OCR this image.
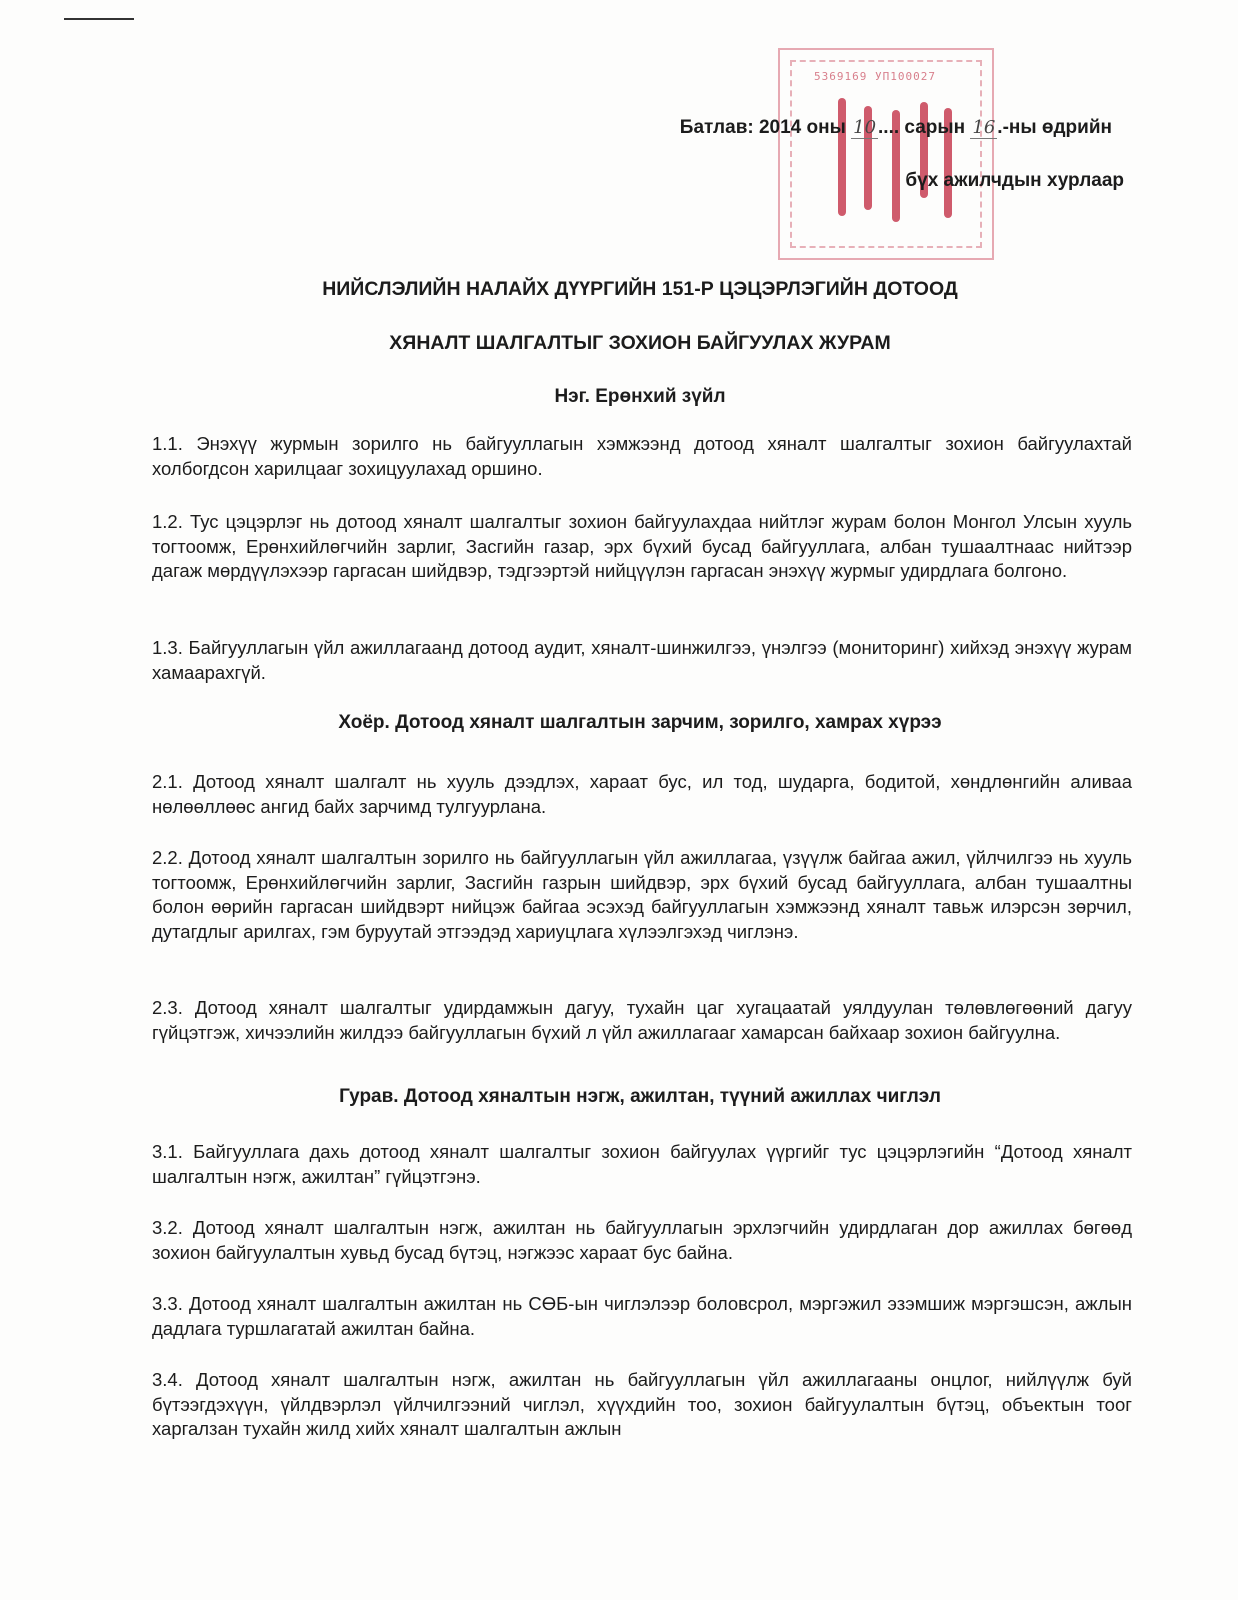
5369169 УП100027
Батлав: 2014 оны 10 .... сарын 16 .-ны өдрийн
бүх ажилчдын хурлаар
НИЙСЛЭЛИЙН НАЛАЙХ ДҮҮРГИЙН 151-Р ЦЭЦЭРЛЭГИЙН ДОТООД
ХЯНАЛТ ШАЛГАЛТЫГ ЗОХИОН БАЙГУУЛАХ ЖУРАМ
Нэг. Ерөнхий зүйл

1.1. Энэхүү журмын зорилго нь байгууллагын хэмжээнд дотоод хяналт шалгалтыг зохион байгуулахтай холбогдсон харилцааг зохицуулахад оршино.

1.2. Тус цэцэрлэг нь дотоод хяналт шалгалтыг зохион байгуулахдаа нийтлэг журам болон Монгол Улсын хууль тогтоомж, Ерөнхийлөгчийн зарлиг, Засгийн газар, эрх бүхий бусад байгууллага, албан тушаалтнаас нийтээр дагаж мөрдүүлэхээр гаргасан шийдвэр, тэдгээртэй нийцүүлэн гаргасан энэхүү журмыг удирдлага болгоно.

1.3. Байгууллагын үйл ажиллагаанд дотоод аудит, хяналт-шинжилгээ, үнэлгээ (мониторинг) хийхэд энэхүү журам хамаарахгүй.

Хоёр. Дотоод хяналт шалгалтын зарчим, зорилго, хамрах хүрээ

2.1. Дотоод хяналт шалгалт нь хууль дээдлэх, хараат бус, ил тод, шударга, бодитой, хөндлөнгийн аливаа нөлөөллөөс ангид байх зарчимд тулгуурлана.

2.2. Дотоод хяналт шалгалтын зорилго нь байгууллагын үйл ажиллагаа, үзүүлж байгаа ажил, үйлчилгээ нь хууль тогтоомж, Ерөнхийлөгчийн зарлиг, Засгийн газрын шийдвэр, эрх бүхий бусад байгууллага, албан тушаалтны болон өөрийн гаргасан шийдвэрт нийцэж байгаа эсэхэд байгууллагын хэмжээнд хяналт тавьж илэрсэн зөрчил, дутагдлыг арилгах, гэм буруутай этгээдэд хариуцлага хүлээлгэхэд чиглэнэ.

2.3. Дотоод хяналт шалгалтыг удирдамжын дагуу, тухайн цаг хугацаатай уялдуулан төлөвлөгөөний дагуу гүйцэтгэж, хичээлийн жилдээ байгууллагын бүхий л үйл ажиллагааг хамарсан байхаар зохион байгуулна.

Гурав. Дотоод хяналтын нэгж, ажилтан, түүний ажиллах чиглэл

3.1. Байгууллага дахь дотоод хяналт шалгалтыг зохион байгуулах үүргийг тус цэцэрлэгийн “Дотоод хяналт шалгалтын нэгж, ажилтан” гүйцэтгэнэ.

3.2. Дотоод хяналт шалгалтын нэгж, ажилтан нь байгууллагын эрхлэгчийн удирдлаган дор ажиллах бөгөөд зохион байгуулалтын хувьд бусад бүтэц, нэгжээс хараат бус байна.

3.3. Дотоод хяналт шалгалтын ажилтан нь СӨБ-ын чиглэлээр боловсрол, мэргэжил эзэмшиж мэргэшсэн, ажлын дадлага туршлагатай ажилтан байна.

3.4. Дотоод хяналт шалгалтын нэгж, ажилтан нь байгууллагын үйл ажиллагааны онцлог, нийлүүлж буй бүтээгдэхүүн, үйлдвэрлэл үйлчилгээний чиглэл, хүүхдийн тоо, зохион байгуулалтын бүтэц, объектын тоог харгалзан тухайн жилд хийх хяналт шалгалтын ажлын
